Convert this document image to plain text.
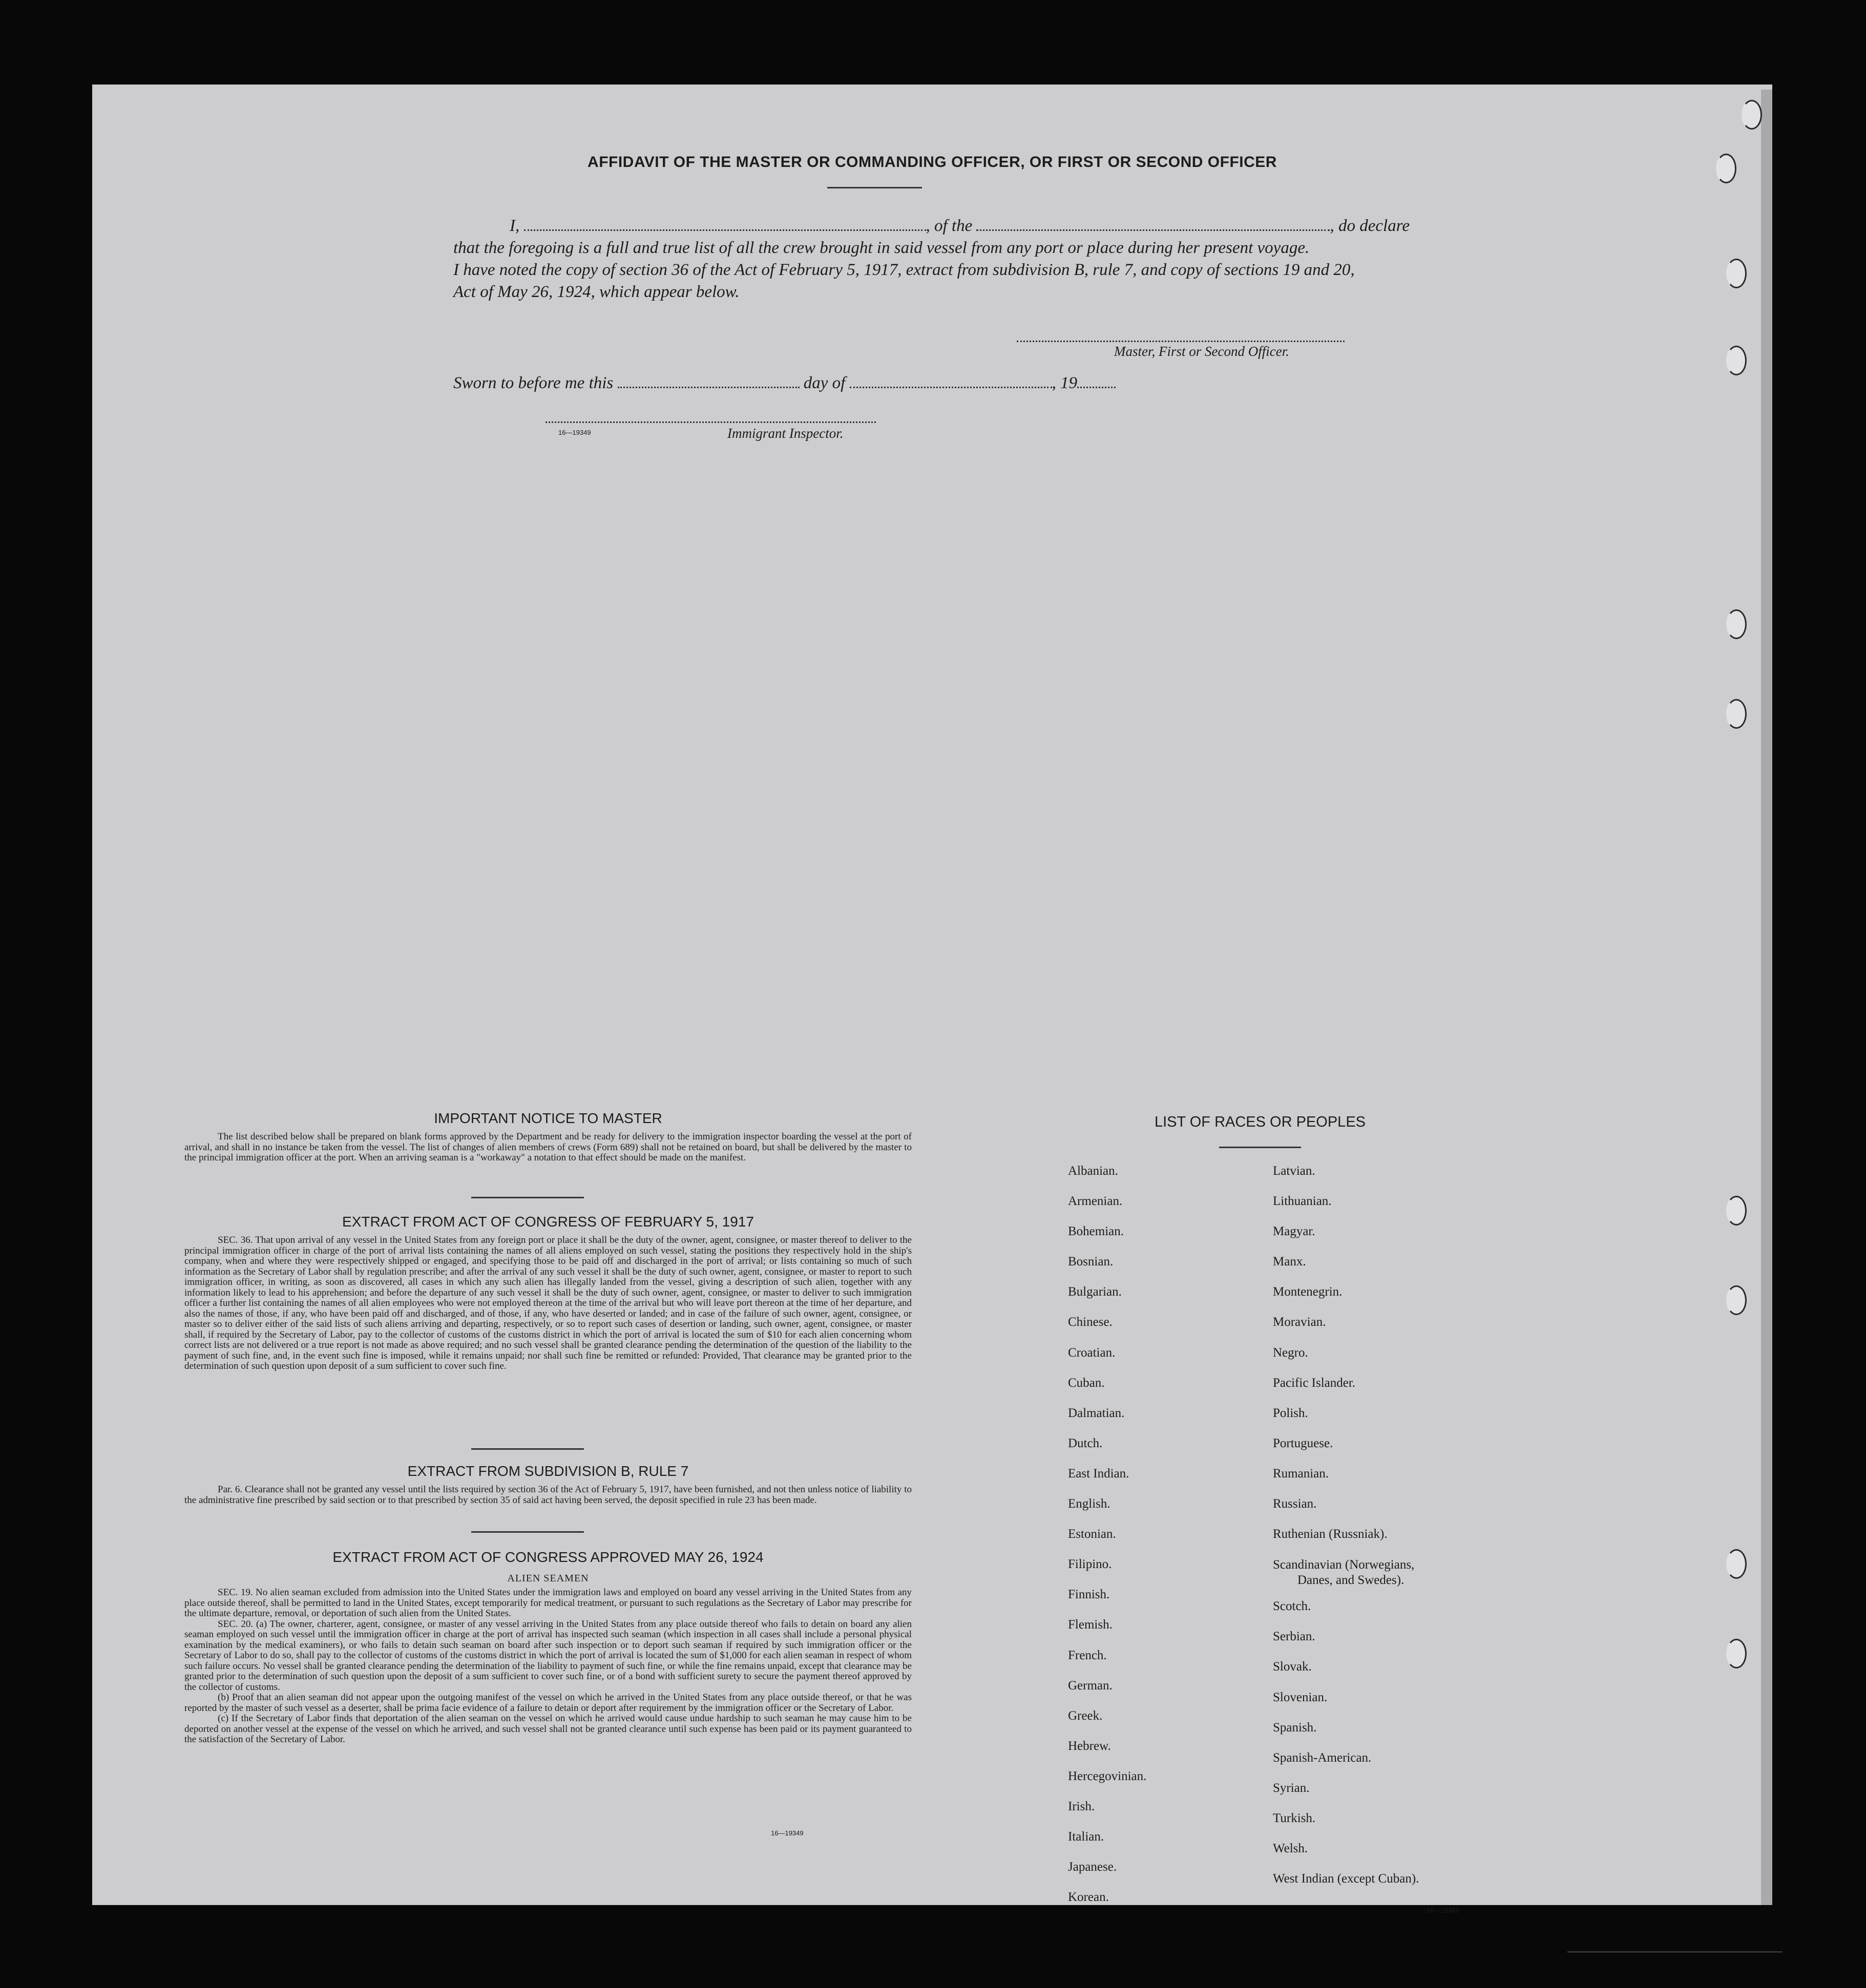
AFFIDAVIT OF THE MASTER OR COMMANDING OFFICER, OR FIRST OR SECOND OFFICER
I,	, of the	, do declare
that the foregoing is a full and true list of all the crew brought in said vessel from any port or place during her present voyage.
I have noted the copy of section 36 of the Act of February 5, 1917, extract from subdivision B, rule 7, and copy of sections 19 and 20,
Act of May 26, 1924, which appear below.
Master, First or Second Officer.
Sworn to before me this	day of	, 19
16—19349	Immigrant Inspector.

IMPORTANT NOTICE TO MASTER

The list described below shall be prepared on blank forms approved by the Department and be ready for delivery to the immigration inspector boarding the vessel at the port of arrival, and shall in no instance be taken from the vessel. The list of changes of alien members of crews (Form 689) shall not be retained on board, but shall be delivered by the master to the principal immigration officer at the port. When an arriving seaman is a "workaway" a notation to that effect should be made on the manifest.

EXTRACT FROM ACT OF CONGRESS OF FEBRUARY 5, 1917

SEC. 36. That upon arrival of any vessel in the United States from any foreign port or place it shall be the duty of the owner, agent, consignee, or master thereof to deliver to the principal immigration officer in charge of the port of arrival lists containing the names of all aliens employed on such vessel, stating the positions they respectively hold in the ship's company, when and where they were respectively shipped or engaged, and specifying those to be paid off and discharged in the port of arrival; or lists containing so much of such information as the Secretary of Labor shall by regulation prescribe; and after the arrival of any such vessel it shall be the duty of such owner, agent, consignee, or master to report to such immigration officer, in writing, as soon as discovered, all cases in which any such alien has illegally landed from the vessel, giving a description of such alien, together with any information likely to lead to his apprehension; and before the departure of any such vessel it shall be the duty of such owner, agent, consignee, or master to deliver to such immigration officer a further list containing the names of all alien employees who were not employed thereon at the time of the arrival but who will leave port thereon at the time of her departure, and also the names of those, if any, who have been paid off and discharged, and of those, if any, who have deserted or landed; and in case of the failure of such owner, agent, consignee, or master so to deliver either of the said lists of such aliens arriving and departing, respectively, or so to report such cases of desertion or landing, such owner, agent, consignee, or master shall, if required by the Secretary of Labor, pay to the collector of customs of the customs district in which the port of arrival is located the sum of $10 for each alien concerning whom correct lists are not delivered or a true report is not made as above required; and no such vessel shall be granted clearance pending the determination of the question of the liability to the payment of such fine, and, in the event such fine is imposed, while it remains unpaid; nor shall such fine be remitted or refunded: Provided, That clearance may be granted prior to the determination of such question upon deposit of a sum sufficient to cover such fine.

EXTRACT FROM SUBDIVISION B, RULE 7

Par. 6. Clearance shall not be granted any vessel until the lists required by section 36 of the Act of February 5, 1917, have been furnished, and not then unless notice of liability to the administrative fine prescribed by said section or to that prescribed by section 35 of said act having been served, the deposit specified in rule 23 has been made.

EXTRACT FROM ACT OF CONGRESS APPROVED MAY 26, 1924

ALIEN SEAMEN

SEC. 19. No alien seaman excluded from admission into the United States under the immigration laws and employed on board any vessel arriving in the United States from any place outside thereof, shall be permitted to land in the United States, except temporarily for medical treatment, or pursuant to such regulations as the Secretary of Labor may prescribe for the ultimate departure, removal, or deportation of such alien from the United States.

SEC. 20. (a) The owner, charterer, agent, consignee, or master of any vessel arriving in the United States from any place outside thereof who fails to detain on board any alien seaman employed on such vessel until the immigration officer in charge at the port of arrival has inspected such seaman (which inspection in all cases shall include a personal physical examination by the medical examiners), or who fails to detain such seaman on board after such inspection or to deport such seaman if required by such immigration officer or the Secretary of Labor to do so, shall pay to the collector of customs of the customs district in which the port of arrival is located the sum of $1,000 for each alien seaman in respect of whom such failure occurs. No vessel shall be granted clearance pending the determination of the liability to payment of such fine, or while the fine remains unpaid, except that clearance may be granted prior to the determination of such question upon the deposit of a sum sufficient to cover such fine, or of a bond with sufficient surety to secure the payment thereof approved by the collector of customs.

(b) Proof that an alien seaman did not appear upon the outgoing manifest of the vessel on which he arrived in the United States from any place outside thereof, or that he was reported by the master of such vessel as a deserter, shall be prima facie evidence of a failure to detain or deport after requirement by the immigration officer or the Secretary of Labor.

(c) If the Secretary of Labor finds that deportation of the alien seaman on the vessel on which he arrived would cause undue hardship to such seaman he may cause him to be deported on another vessel at the expense of the vessel on which he arrived, and such vessel shall not be granted clearance until such expense has been paid or its payment guaranteed to the satisfaction of the Secretary of Labor.

16—19349
LIST OF RACES OR PEOPLES
Albanian.
Armenian.
Bohemian.
Bosnian.
Bulgarian.
Chinese.
Croatian.
Cuban.
Dalmatian.
Dutch.
East Indian.
English.
Estonian.
Filipino.
Finnish.
Flemish.
French.
German.
Greek.
Hebrew.
Hercegovinian.
Irish.
Italian.
Japanese.
Korean.
Latvian.
Lithuanian.
Magyar.
Manx.
Montenegrin.
Moravian.
Negro.
Pacific Islander.
Polish.
Portuguese.
Rumanian.
Russian.
Ruthenian (Russniak).
Scandinavian (Norwegians,
Danes, and Swedes).
Scotch.
Serbian.
Slovak.
Slovenian.
Spanish.
Spanish-American.
Syrian.
Turkish.
Welsh.
West Indian (except Cuban).
16—19349
